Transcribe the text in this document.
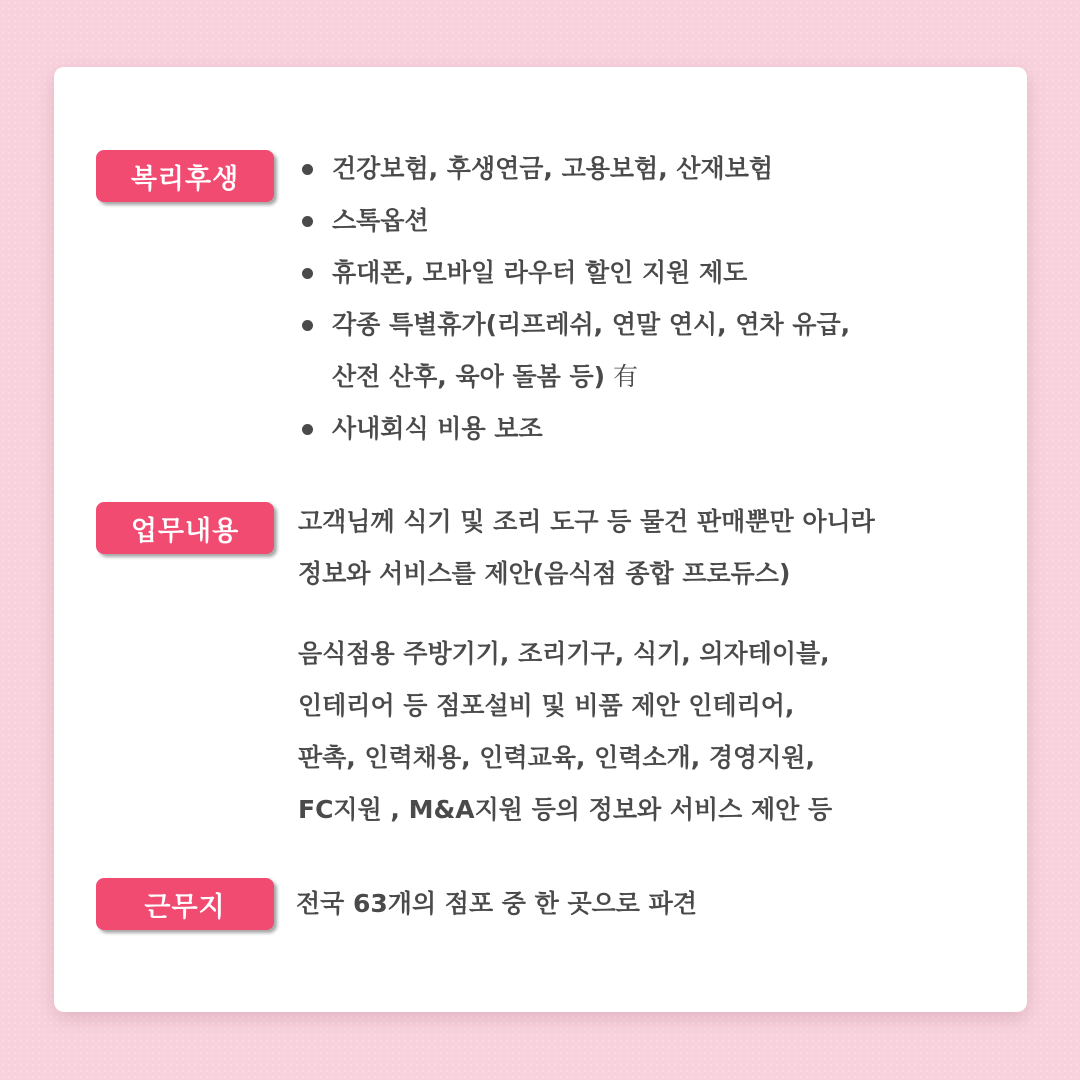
복리후생	건강보험, 후생연금, 고용보험, 산재보험
스톡옵션
휴대폰, 모바일 라우터 할인 지원 제도
각종 특별휴가(리프레쉬, 연말 연시, 연차 유급,
산전 산후, 육아 돌봄 등) 有
사내회식 비용 보조
업무내용	고객님께 식기 및 조리 도구 등 물건 판매뿐만 아니라
정보와 서비스를 제안(음식점 종합 프로듀스)

음식점용 주방기기, 조리기구, 식기, 의자테이블,
인테리어 등 점포설비 및 비품 제안 인테리어,
판촉, 인력채용, 인력교육, 인력소개, 경영지원,
FC지원 , M&A지원 등의 정보와 서비스 제안 등

근무지	전국 63개의 점포 중 한 곳으로 파견
